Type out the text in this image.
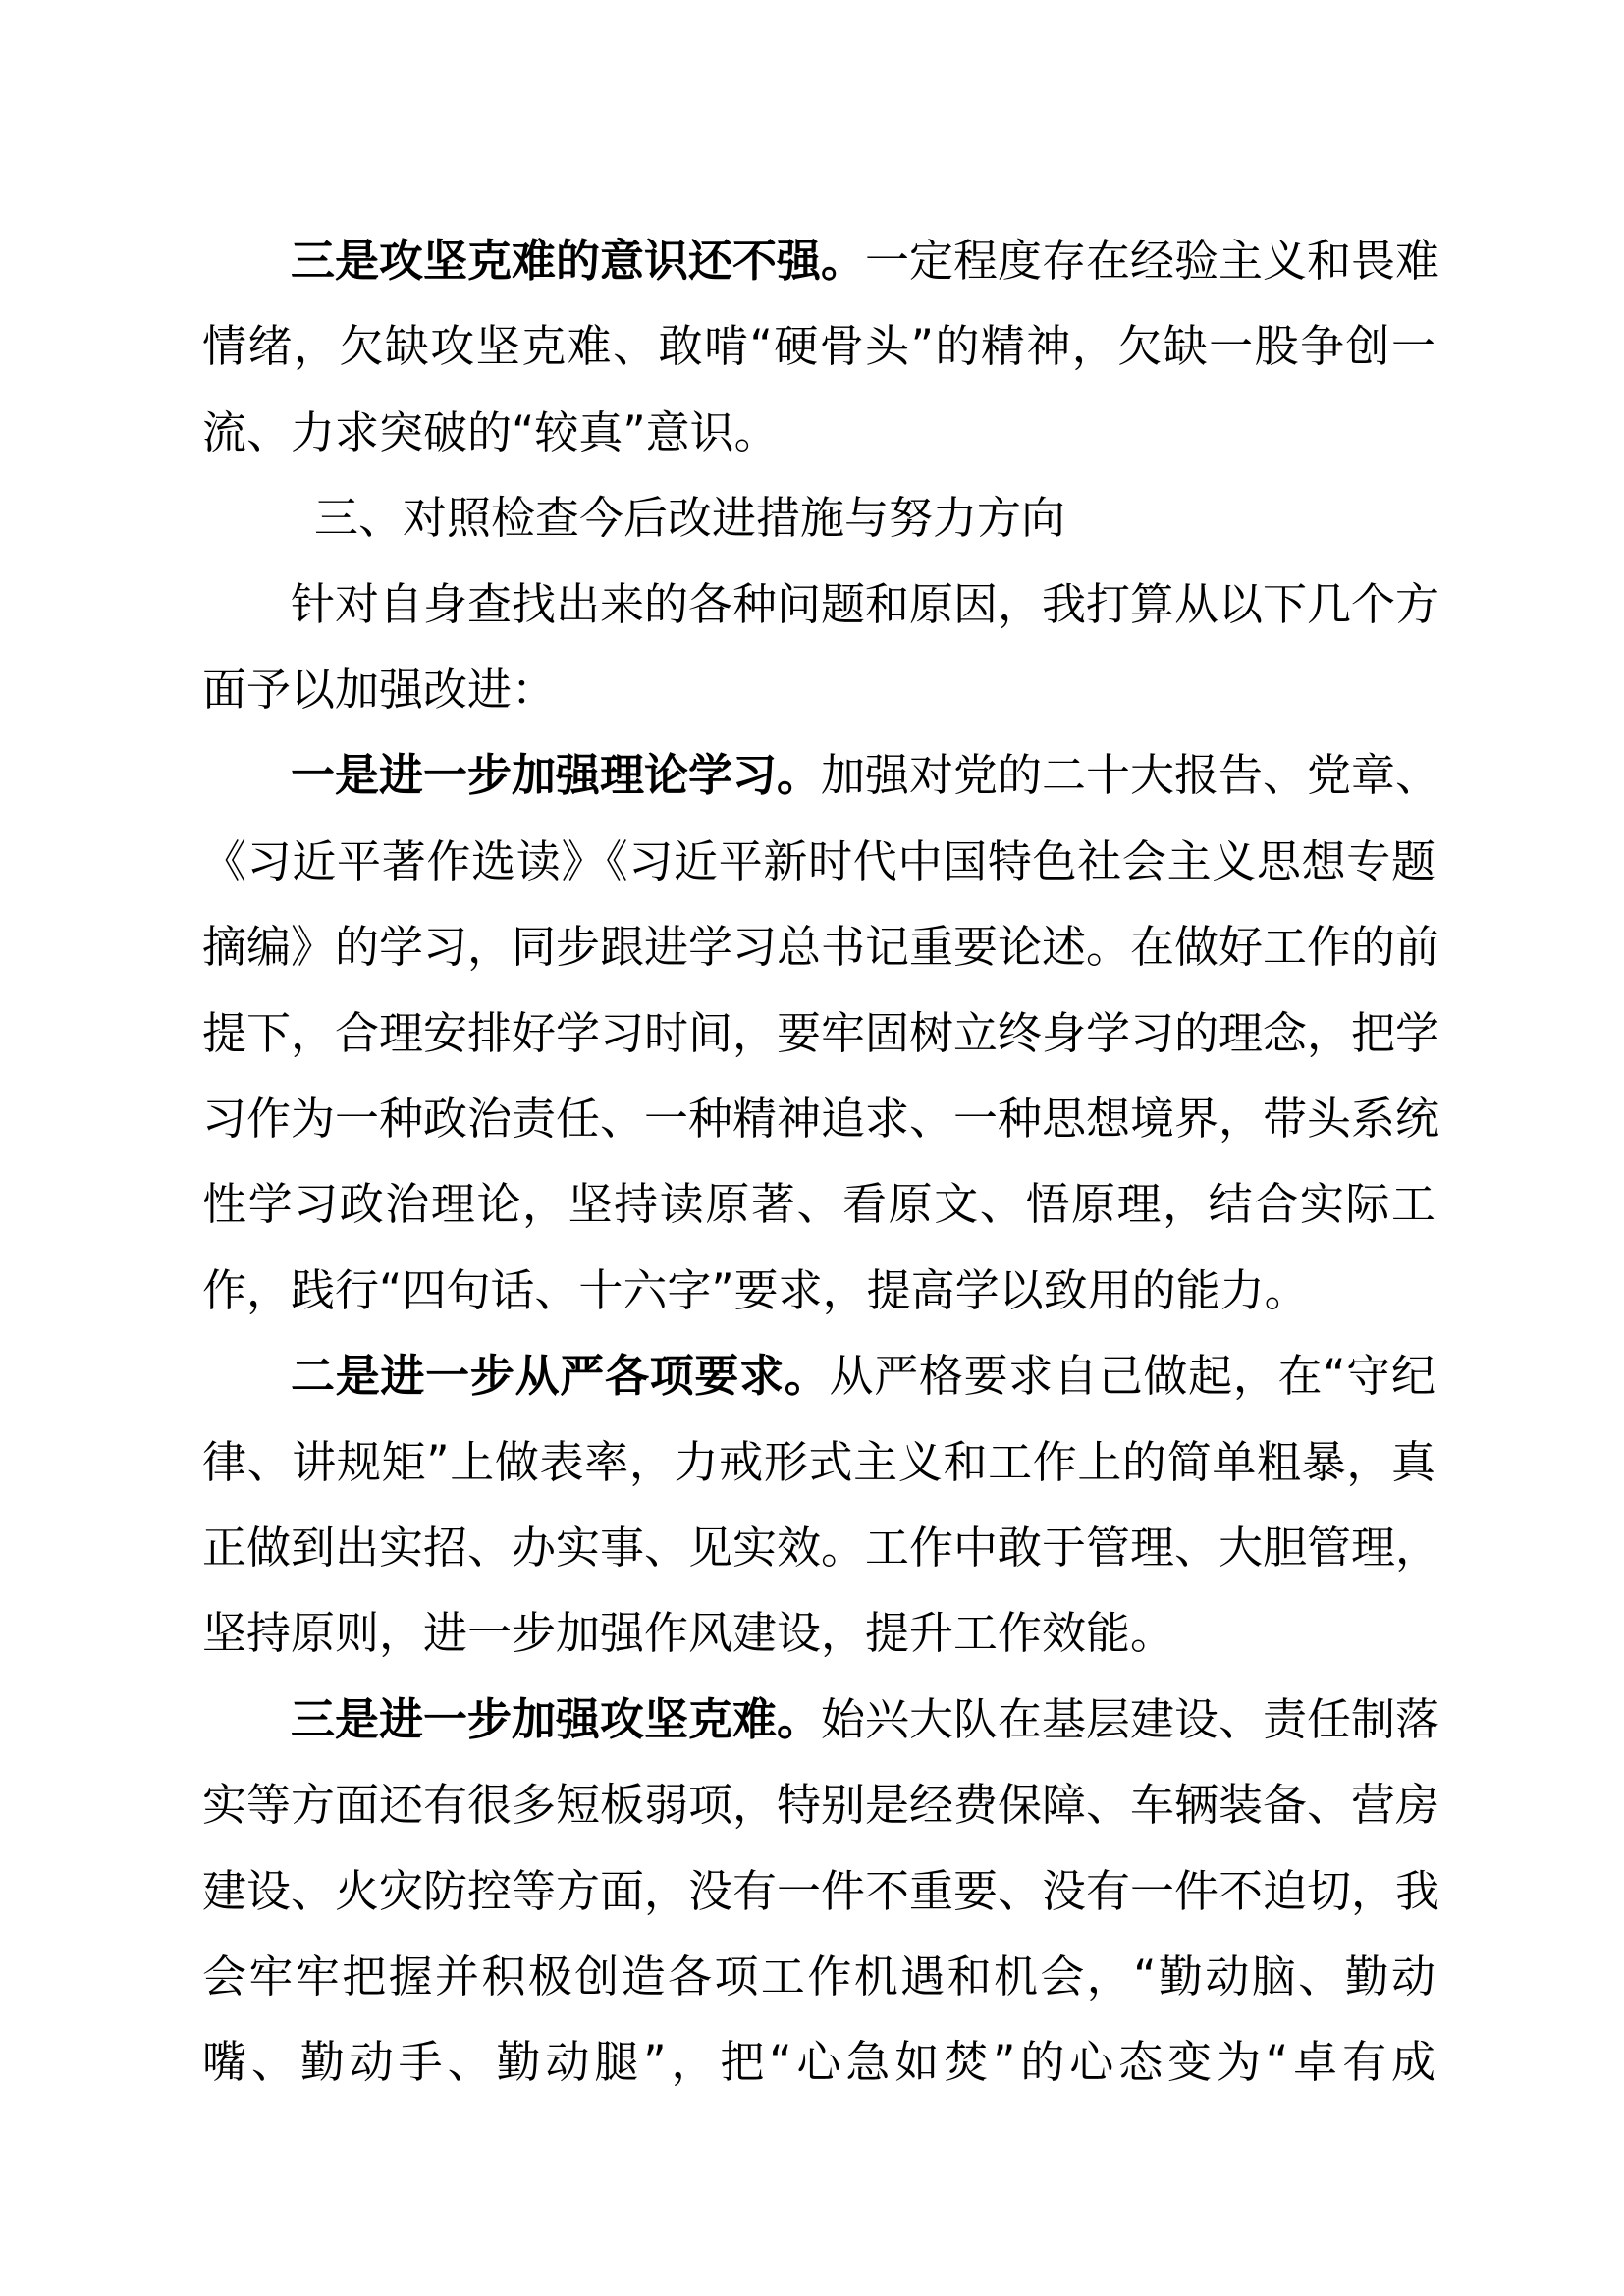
三是攻坚克难的意识还不强。一定程度存在经验主义和畏难
情绪，欠缺攻坚克难、敢啃“硬骨头”的精神，欠缺一股争创一
流、力求突破的“较真”意识。
三、对照检查今后改进措施与努力方向
针对自身查找出来的各种问题和原因，我打算从以下几个方
面予以加强改进：
一是进一步加强理论学习。加强对党的二十大报告、党章、
《习近平著作选读》《习近平新时代中国特色社会主义思想专题
摘编》的学习，同步跟进学习总书记重要论述。在做好工作的前
提下，合理安排好学习时间，要牢固树立终身学习的理念，把学
习作为一种政治责任、一种精神追求、一种思想境界，带头系统
性学习政治理论，坚持读原著、看原文、悟原理，结合实际工
作，践行“四句话、十六字”要求，提高学以致用的能力。
二是进一步从严各项要求。从严格要求自己做起，在“守纪
律、讲规矩”上做表率，力戒形式主义和工作上的简单粗暴，真
正做到出实招、办实事、见实效。工作中敢于管理、大胆管理，
坚持原则，进一步加强作风建设，提升工作效能。
三是进一步加强攻坚克难。始兴大队在基层建设、责任制落
实等方面还有很多短板弱项，特别是经费保障、车辆装备、营房
建设、火灾防控等方面，没有一件不重要、没有一件不迫切，我
会牢牢把握并积极创造各项工作机遇和机会，“勤动脑、勤动
嘴、勤动手、勤动腿”，把“心急如焚”的心态变为“卓有成
